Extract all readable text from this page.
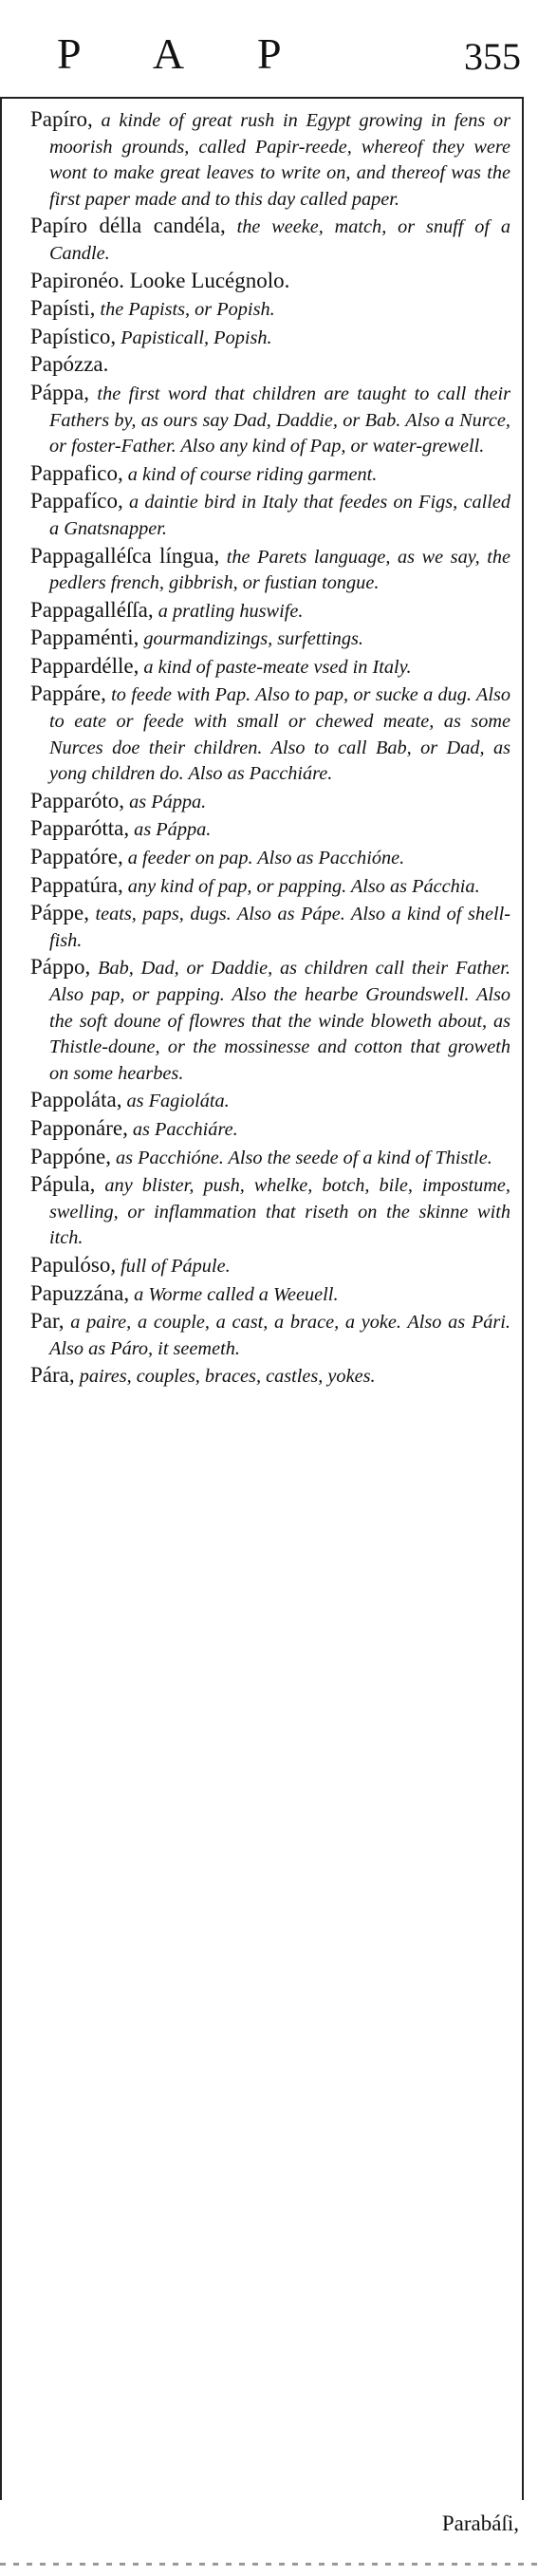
P A P	355
Papíro, a kinde of great rush in Egypt growing in fens or moorish grounds, called Papir-reede, whereof they were wont to make great leaves to write on, and thereof was the first paper made and to this day called paper.
Papíro délla candéla, the weeke, match, or snuff of a Candle.
Papironéo. Looke Lucégnolo.
Papísti, the Papists, or Popish.
Papístico, Papisticall, Popish.
Papózza.
Páppa, the first word that children are taught to call their Fathers by, as ours say Dad, Daddie, or Bab. Also a Nurce, or foster-Father. Also any kind of Pap, or water-grewell.
Pappafico, a kind of course riding garment.
Pappafíco, a daintie bird in Italy that feedes on Figs, called a Gnatsnapper.
Pappagalléſca língua, the Parets language, as we say, the pedlers french, gibbrish, or fustian tongue.
Pappagalléſſa, a pratling huswife.
Pappaménti, gourmandizings, surfettings.
Pappardélle, a kind of paste-meate vsed in Italy.
Pappáre, to feede with Pap. Also to pap, or sucke a dug. Also to eate or feede with small or chewed meate, as some Nurces doe their children. Also to call Bab, or Dad, as yong children do. Also as Pacchiáre.
Papparóto, as Páppa.
Papparótta, as Páppa.
Pappatóre, a feeder on pap. Also as Pacchióne.
Pappatúra, any kind of pap, or papping. Also as Pácchia.
Páppe, teats, paps, dugs. Also as Pápe. Also a kind of shell-fish.
Páppo, Bab, Dad, or Daddie, as children call their Father. Also pap, or papping. Also the hearbe Groundswell. Also the soft doune of flowres that the winde bloweth about, as Thistle-doune, or the mossinesse and cotton that groweth on some hearbes.
Pappoláta, as Fagioláta.
Papponáre, as Pacchiáre.
Pappóne, as Pacchióne. Also the seede of a kind of Thistle.
Pápula, any blister, push, whelke, botch, bile, impostume, swelling, or inflammation that riseth on the skinne with itch.
Papulóso, full of Pápule.
Papuzzána, a Worme called a Weeuell.
Par, a paire, a couple, a cast, a brace, a yoke. Also as Pári. Also as Páro, it seemeth.
Pára, paires, couples, braces, castles, yokes.
Parabáſi,
